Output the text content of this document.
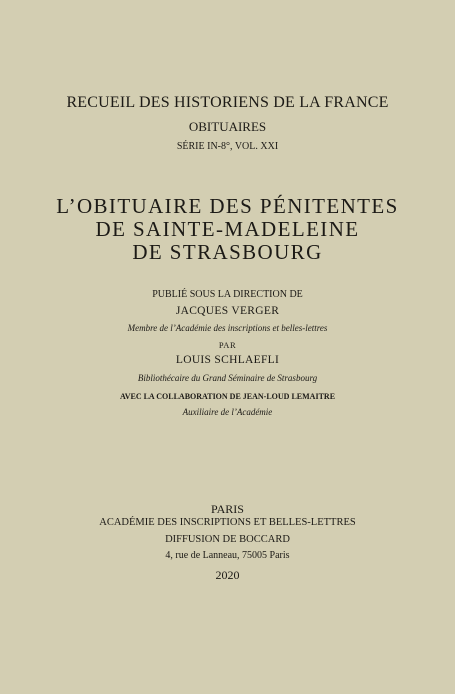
RECUEIL DES HISTORIENS DE LA FRANCE
OBITUAIRES
SÉRIE IN-8°, VOL. XXI
L’OBITUAIRE DES PÉNITENTES
DE SAINTE-MADELEINE
DE STRASBOURG
PUBLIÉ SOUS LA DIRECTION DE
JACQUES VERGER
Membre de l’Académie des inscriptions et belles-lettres
PAR
LOUIS SCHLAEFLI
Bibliothécaire du Grand Séminaire de Strasbourg
AVEC LA COLLABORATION DE JEAN-LOUD LEMAITRE
Auxiliaire de l’Académie
PARIS
ACADÉMIE DES INSCRIPTIONS ET BELLES-LETTRES
DIFFUSION DE BOCCARD
4, rue de Lanneau, 75005 Paris
2020
